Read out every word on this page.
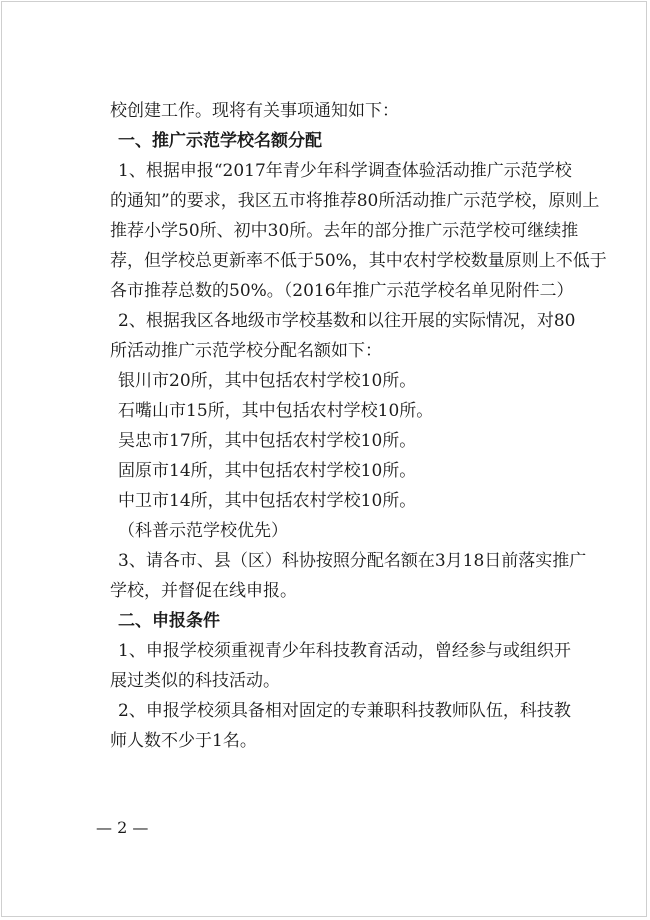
校创建工作。现将有关事项通知如下：
一、推广示范学校名额分配
1、根据申报“2017年青少年科学调查体验活动推广示范学校
的通知”的要求，我区五市将推荐80所活动推广示范学校，原则上
推荐小学50所、初中30所。去年的部分推广示范学校可继续推
荐，但学校总更新率不低于50%，其中农村学校数量原则上不低于
各市推荐总数的50%。（2016年推广示范学校名单见附件二）
2、根据我区各地级市学校基数和以往开展的实际情况，对80
所活动推广示范学校分配名额如下：
银川市20所，其中包括农村学校10所。
石嘴山市15所，其中包括农村学校10所。
吴忠市17所，其中包括农村学校10所。
固原市14所，其中包括农村学校10所。
中卫市14所，其中包括农村学校10所。
（科普示范学校优先）
3、请各市、县（区）科协按照分配名额在3月18日前落实推广
学校，并督促在线申报。
二、申报条件
1、申报学校须重视青少年科技教育活动，曾经参与或组织开
展过类似的科技活动。
2、申报学校须具备相对固定的专兼职科技教师队伍，科技教
师人数不少于1名。
— 2 —
